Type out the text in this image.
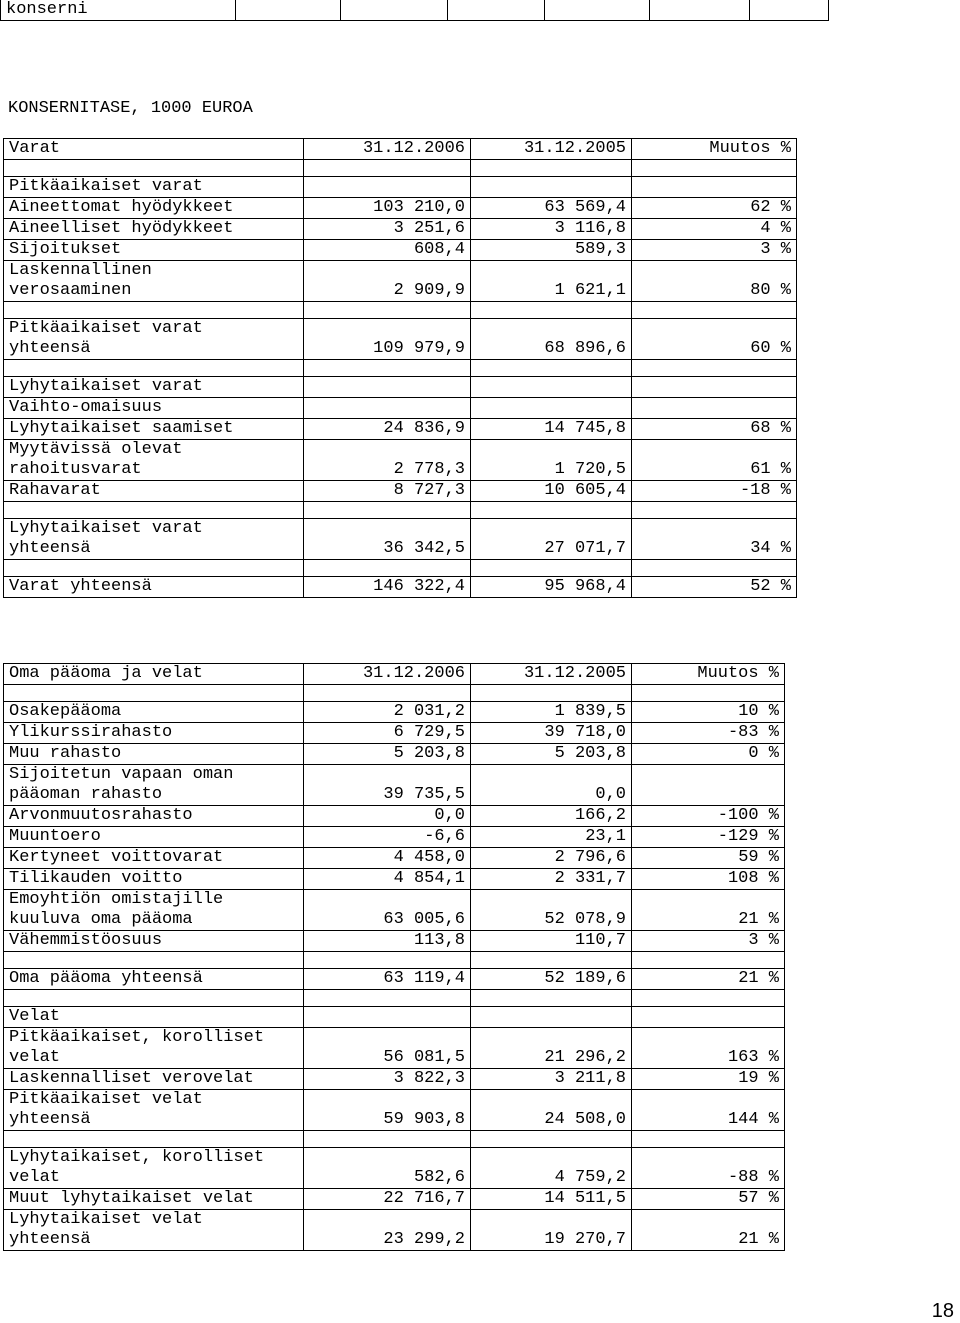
konserni						
KONSERNITASE, 1000 EUROA
Varat	31.12.2006	31.12.2005	Muutos %

Pitkäaikaiset varat			
Aineettomat hyödykkeet	103 210,0	63 569,4	62 %
Aineelliset hyödykkeet	3 251,6	3 116,8	4 %
Sijoitukset	608,4	589,3	3 %
Laskennallinen
verosaaminen	2 909,9	1 621,1	80 %

Pitkäaikaiset varat
yhteensä	109 979,9	68 896,6	60 %

Lyhytaikaiset varat			
Vaihto-omaisuus			
Lyhytaikaiset saamiset	24 836,9	14 745,8	68 %
Myytävissä olevat
rahoitusvarat	2 778,3	1 720,5	61 %
Rahavarat	8 727,3	10 605,4	-18 %

Lyhytaikaiset varat
yhteensä	36 342,5	27 071,7	34 %

Varat yhteensä	146 322,4	95 968,4	52 %
Oma pääoma ja velat	31.12.2006	31.12.2005	Muutos %

Osakepääoma	2 031,2	1 839,5	10 %
Ylikurssirahasto	6 729,5	39 718,0	-83 %
Muu rahasto	5 203,8	5 203,8	0 %
Sijoitetun vapaan oman
pääoman rahasto	39 735,5	0,0	
Arvonmuutosrahasto	0,0	166,2	-100 %
Muuntoero	-6,6	23,1	-129 %
Kertyneet voittovarat	4 458,0	2 796,6	59 %
Tilikauden voitto	4 854,1	2 331,7	108 %
Emoyhtiön omistajille
kuuluva oma pääoma	63 005,6	52 078,9	21 %
Vähemmistöosuus	113,8	110,7	3 %

Oma pääoma yhteensä	63 119,4	52 189,6	21 %

Velat			
Pitkäaikaiset, korolliset
velat	56 081,5	21 296,2	163 %
Laskennalliset verovelat	3 822,3	3 211,8	19 %
Pitkäaikaiset velat
yhteensä	59 903,8	24 508,0	144 %

Lyhytaikaiset, korolliset
velat	582,6	4 759,2	-88 %
Muut lyhytaikaiset velat	22 716,7	14 511,5	57 %
Lyhytaikaiset velat
yhteensä	23 299,2	19 270,7	21 %
18
